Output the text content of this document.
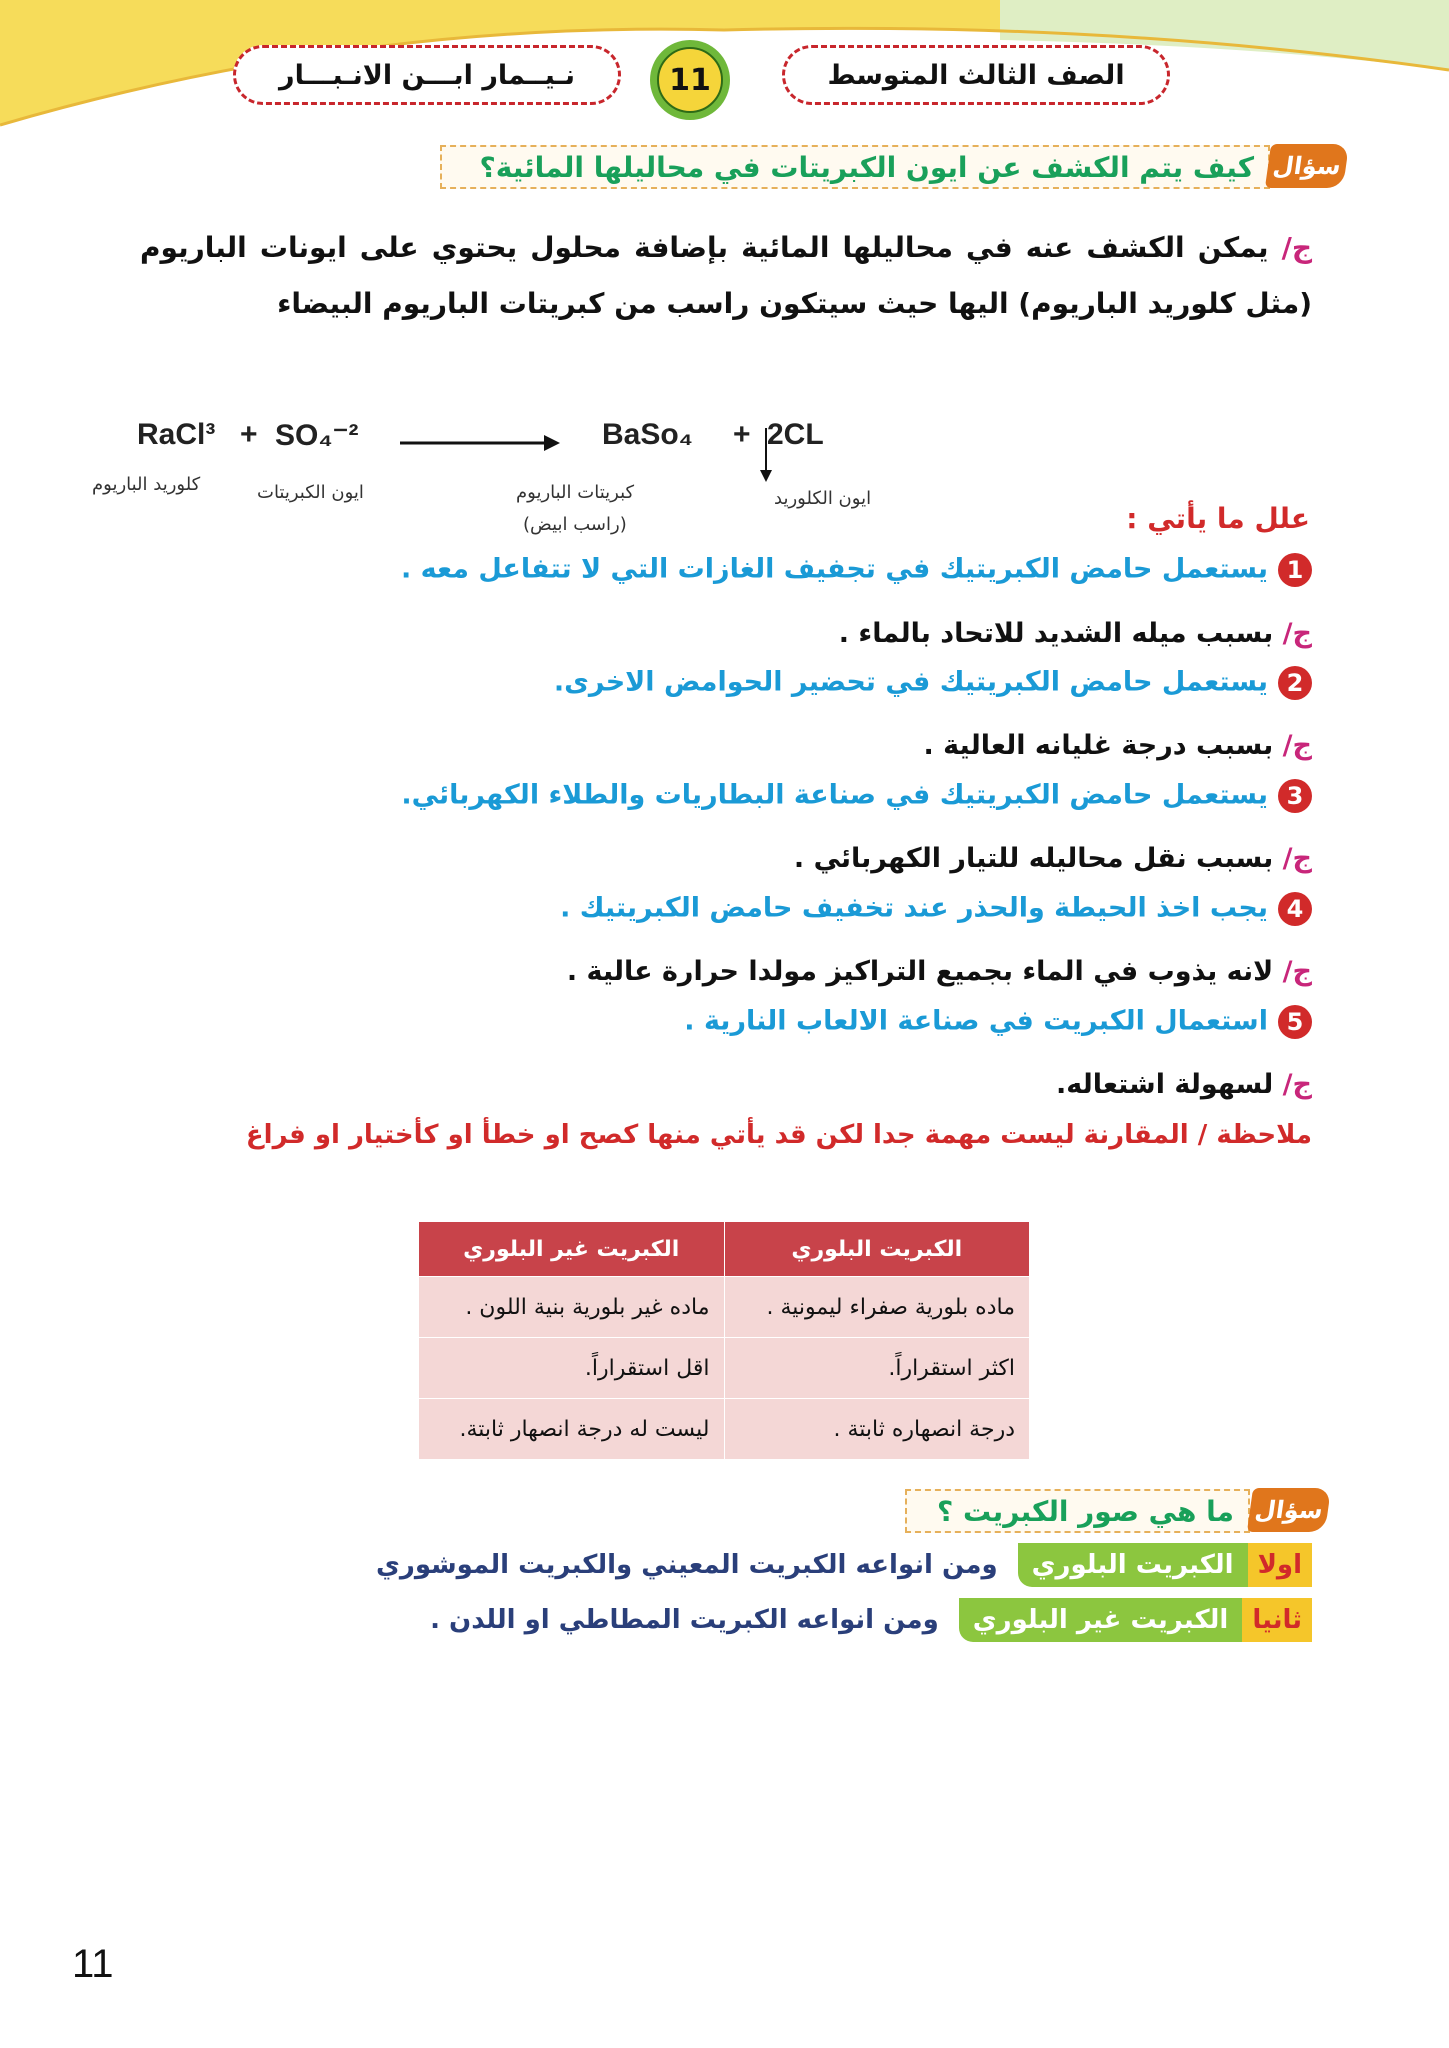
نـيــمار ابـــن الانـبـــار	11	الصف الثالث المتوسط
كيف يتم الكشف عن ايون الكبريتات في محاليلها المائية؟ سؤال
ج/ يمكن الكشف عنه في محاليلها المائية بإضافة محلول يحتوي على ايونات الباريوم (مثل كلوريد الباريوم) اليها حيث سيتكون راسب من كبريتات الباريوم البيضاء
RaCl³ + SO₄⁻²	BaSo₄ + 2CL
كلوريد الباريوم	ايون الكبريتات	كبريتات الباريوم
(راسب ابيض)
ايون الكلوريد
علل ما يأتي :
1يستعمل حامض الكبريتيك في تجفيف الغازات التي لا تتفاعل معه .
ج/ بسبب ميله الشديد للاتحاد بالماء .
2يستعمل حامض الكبريتيك في تحضير الحوامض الاخرى.
ج/ بسبب درجة غليانه العالية .
3يستعمل حامض الكبريتيك في صناعة البطاريات والطلاء الكهربائي.
ج/ بسبب نقل محاليله للتيار الكهربائي .
4يجب اخذ الحيطة والحذر عند تخفيف حامض الكبريتيك .
ج/ لانه يذوب في الماء بجميع التراكيز مولدا حرارة عالية .
5استعمال الكبريت في صناعة الالعاب النارية .
ج/ لسهولة اشتعاله.
ملاحظة / المقارنة ليست مهمة جدا لكن قد يأتي منها كصح او خطأ او كأختيار او فراغ
الكبريت البلوري	الكبريت غير البلوري
ماده بلورية صفراء ليمونية .	ماده غير بلورية بنية اللون .
اكثر استقراراً.	اقل استقراراً.
درجة انصهاره ثابتة .	ليست له درجة انصهار ثابتة.
ما هي صور الكبريت ؟ سؤال
اولا
الكبريت البلوري
ومن انواعه الكبريت المعيني والكبريت الموشوري
ثانيا
الكبريت غير البلوري
ومن انواعه الكبريت المطاطي او اللدن .
11
